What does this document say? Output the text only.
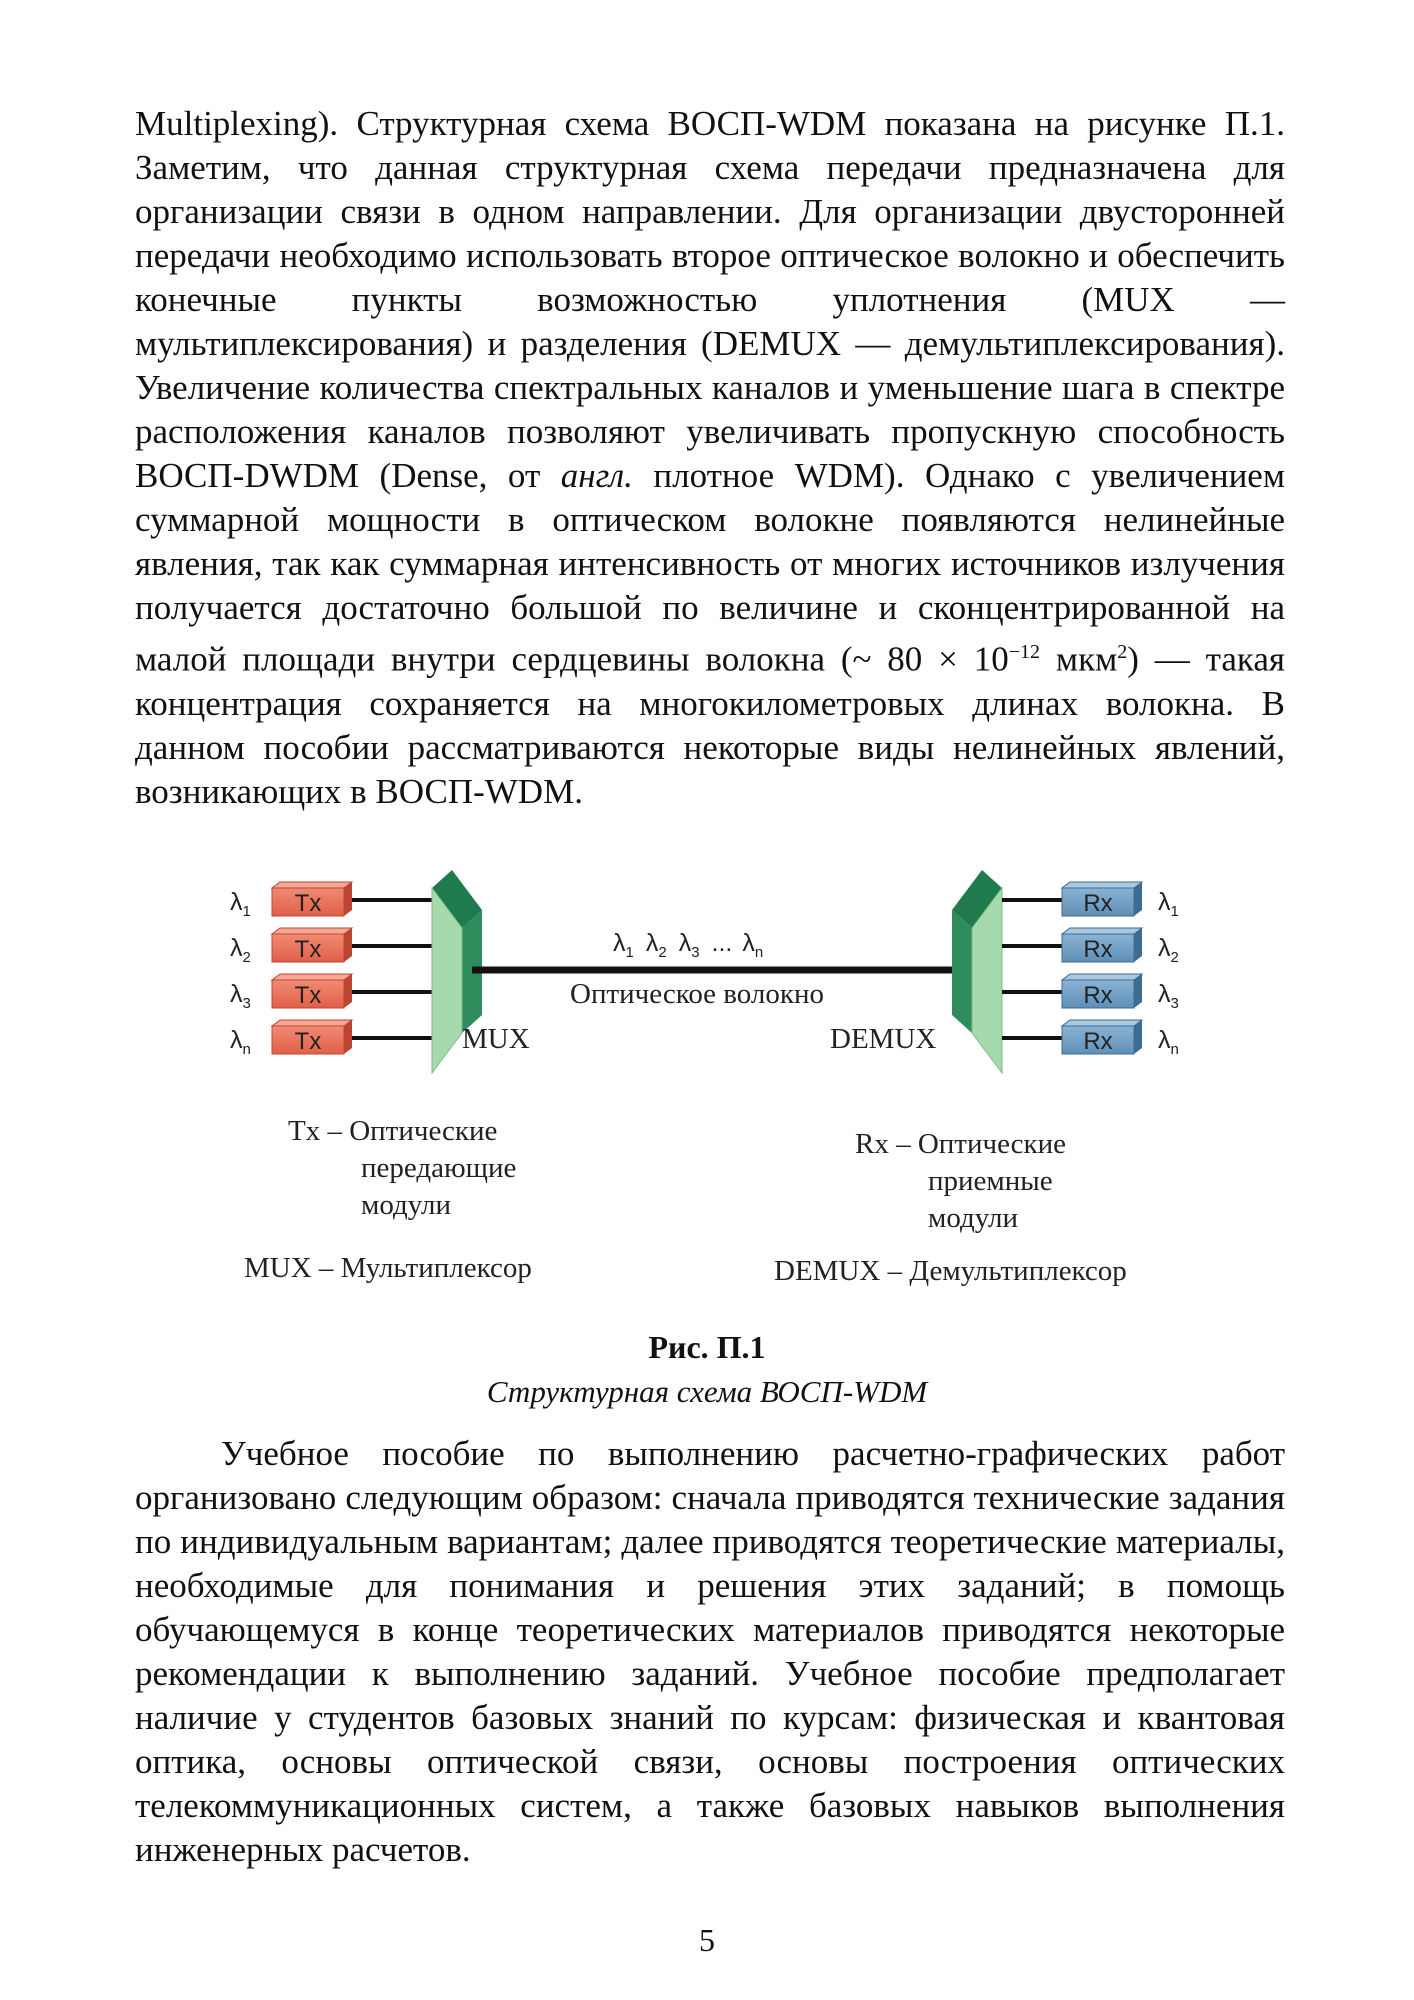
Multiplexing). Структурная схема ВОСП-WDM показана на рисунке П.1. Заметим, что данная структурная схема передачи предназначена для организации связи в одном направлении. Для организации двусторонней передачи необходимо использовать второе оптическое волокно и обеспечить конечные пункты возможностью уплотнения (MUX — мультиплексирования) и разделения (DEMUX — демультиплексирования). Увеличение количества спектральных каналов и уменьшение шага в спектре расположения каналов позволяют увеличивать пропускную способность ВОСП-DWDM (Dense, от англ. плотное WDM). Однако с увеличением суммарной мощности в оптическом волокне появляются нелинейные явления, так как суммарная интенсивность от многих источников излучения получается достаточно большой по величине и сконцентрированной на малой площади внутри сердцевины волокна (~ $80 \times 10^{-12}$ мкм$^2$) — такая концентрация сохраняется на многокилометровых длинах волокна. В данном пособии рассматриваются некоторые виды нелинейных явлений, возникающих в ВОСП-WDM.

$\lambda_1$ Tx
$\lambda_2$ Tx
$\lambda_3$ Tx
$\lambda_n$ Tx	MUX
$\lambda_1$ $\lambda_2$ $\lambda_3$ ... $\lambda_n$
Оптическое волокно
DEMUX
Rx $\lambda_1$
Rx $\lambda_2$
Rx $\lambda_3$
Rx $\lambda_n$
Tx – Оптические
передающие
модули
MUX – Мультиплексор
Rx – Оптические
приемные
модули
DEMUX – Демультиплексор
Рис. П.1
Структурная схема ВОСП-WDM

Учебное пособие по выполнению расчетно-графических работ организовано следующим образом: сначала приводятся технические задания по индивидуальным вариантам; далее приводятся теоретические материалы, необходимые для понимания и решения этих заданий; в помощь обучающемуся в конце теоретических материалов приводятся некоторые рекомендации к выполнению заданий. Учебное пособие предполагает наличие у студентов базовых знаний по курсам: физическая и квантовая оптика, основы оптической связи, основы построения оптических телекоммуникационных систем, а также базовых навыков выполнения инженерных расчетов.

5
